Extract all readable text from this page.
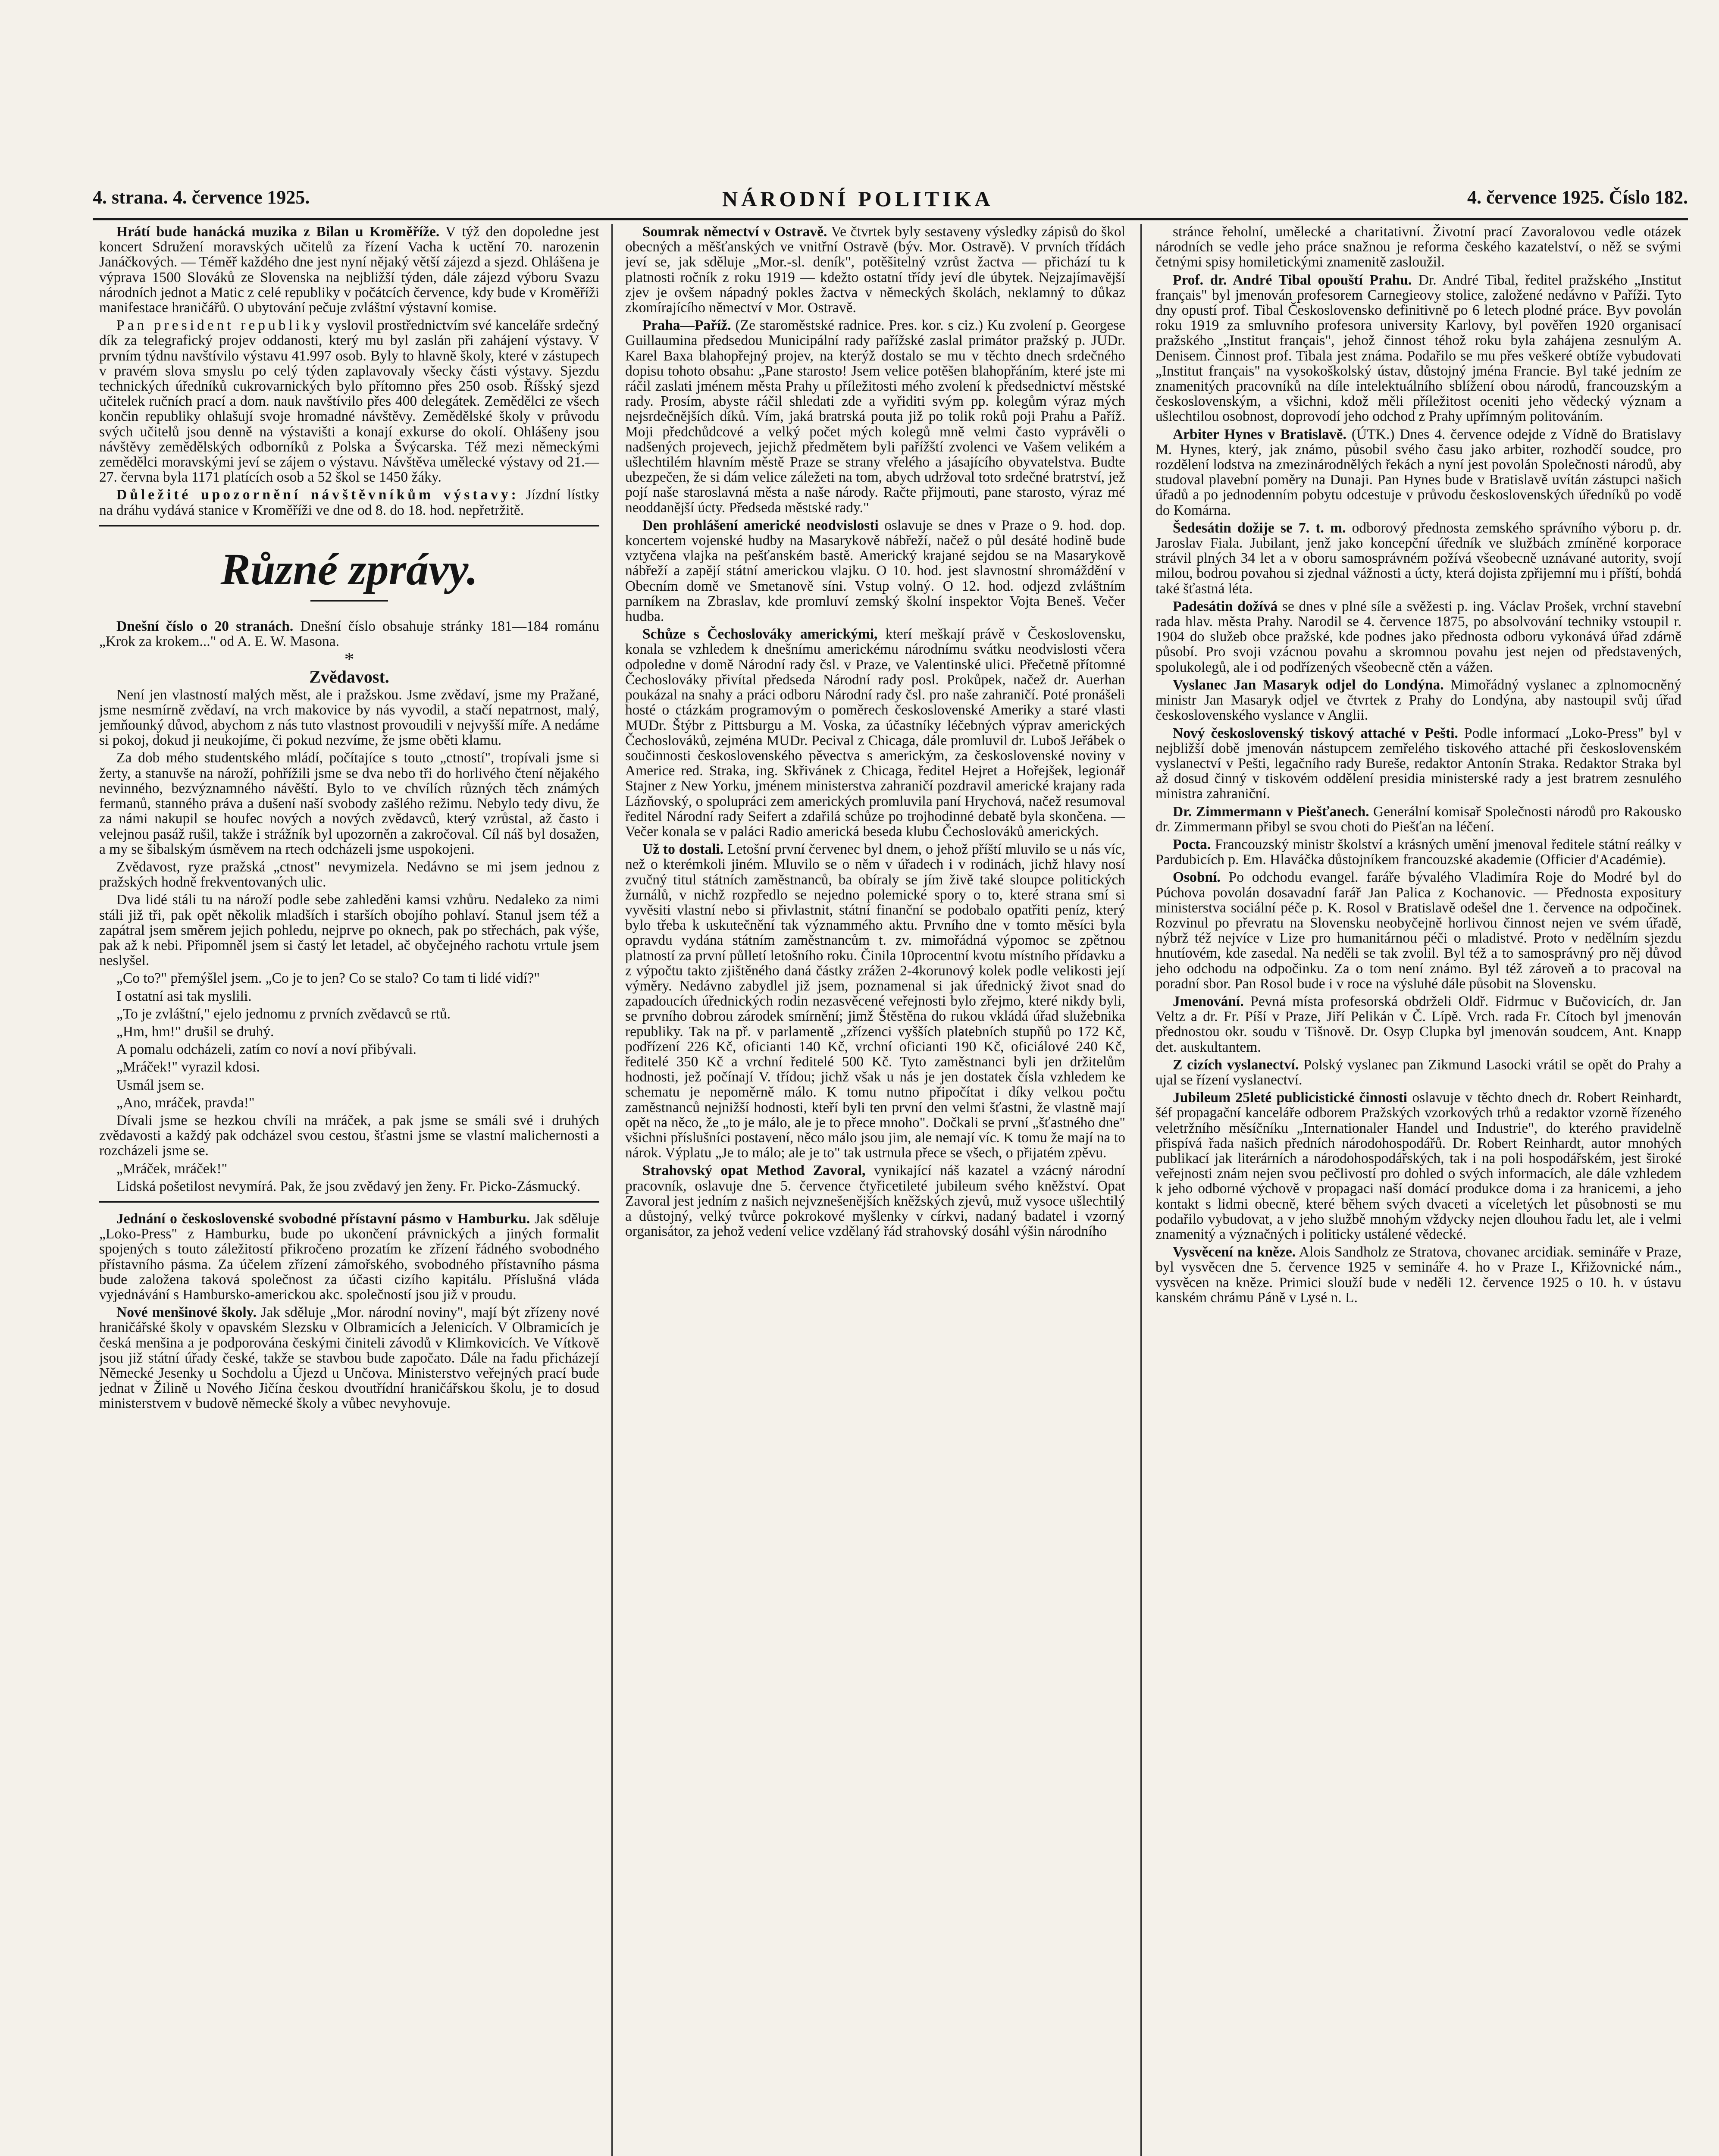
4. strana. 4. července 1925.	NÁRODNÍ POLITIKA	4. července 1925. Číslo 182.

Hrátí bude hanácká muzika z Bilan u Kroměříže. V týž den dopoledne jest koncert Sdružení moravských učitelů za řízení Vacha k uctění 70. narozenin Janáčkových. — Téměř každého dne jest nyní nějaký větší zájezd a sjezd. Ohlášena je výprava 1500 Slováků ze Slovenska na nejbližší týden, dále zájezd výboru Svazu národních jednot a Matic z celé republiky v počátcích července, kdy bude v Kroměříži manifestace hraničářů. O ubytování pečuje zvláštní výstavní komise.

Pan president republiky vyslovil prostřednictvím své kanceláře srdečný dík za telegrafický projev oddanosti, který mu byl zaslán při zahájení výstavy. V prvním týdnu navštívilo výstavu 41.997 osob. Byly to hlavně školy, které v zástupech v pravém slova smyslu po celý týden zaplavovaly všecky části výstavy. Sjezdu technických úředníků cukrovarnických bylo přítomno přes 250 osob. Říšský sjezd učitelek ručních prací a dom. nauk navštívilo přes 400 delegátek. Zemědělci ze všech končin republiky ohlašují svoje hromadné návštěvy. Zemědělské školy v průvodu svých učitelů jsou denně na výstavišti a konají exkurse do okolí. Ohlášeny jsou návštěvy zemědělských odborníků z Polska a Švýcarska. Též mezi německými zemědělci moravskými jeví se zájem o výstavu. Návštěva umělecké výstavy od 21.—27. června byla 1171 platících osob a 52 škol se 1450 žáky.

Důležité upozornění návštěvníkům výstavy: Jízdní lístky na dráhu vydává stanice v Kroměříži ve dne od 8. do 18. hod. nepřetržitě.

Různé zprávy.

Dnešní číslo o 20 stranách. Dnešní číslo obsahuje stránky 181—184 románu „Krok za krokem..." od A. E. W. Masona.

*
Zvědavost.

Není jen vlastností malých měst, ale i pražskou. Jsme zvědaví, jsme my Pražané, jsme nesmírně zvědaví, na vrch makovice by nás vyvodil, a stačí nepatrnost, malý, jemňounký důvod, abychom z nás tuto vlastnost provoudili v nejvyšší míře. A nedáme si pokoj, dokud ji neukojíme, či pokud nezvíme, že jsme oběti klamu.

Za dob mého studentského mládí, počítajíce s touto „ctností", tropívali jsme si žerty, a stanuvše na nároží, pohřížili jsme se dva nebo tři do horlivého čtení nějakého nevinného, bezvýznamného návěští. Bylo to ve chvílích různých těch známých fermanů, stanného práva a dušení naší svobody zašlého režimu. Nebylo tedy divu, že za námi nakupil se houfec nových a nových zvědavců, který vzrůstal, až často i velejnou pasáž rušil, takže i strážník byl upozorněn a zakročoval. Cíl náš byl dosažen, a my se šibalským úsměvem na rtech odcházeli jsme uspokojeni.

Zvědavost, ryze pražská „ctnost" nevymizela. Nedávno se mi jsem jednou z pražských hodně frekventovaných ulic.

Dva lidé stáli tu na nároží podle sebe zahleděni kamsi vzhůru. Nedaleko za nimi stáli již tři, pak opět několik mladších i starších obojího pohlaví. Stanul jsem též a zapátral jsem směrem jejich pohledu, nejprve po oknech, pak po střechách, pak výše, pak až k nebi. Připomněl jsem si častý let letadel, ač obyčejného rachotu vrtule jsem neslyšel.

„Co to?" přemýšlel jsem. „Co je to jen? Co se stalo? Co tam ti lidé vidí?"

I ostatní asi tak myslili.

„To je zvláštní," ejelo jednomu z prvních zvědavců se rtů.

„Hm, hm!" drušil se druhý.

A pomalu odcházeli, zatím co noví a noví přibývali.

„Mráček!" vyrazil kdosi.

Usmál jsem se.

„Ano, mráček, pravda!"

Dívali jsme se hezkou chvíli na mráček, a pak jsme se smáli své i druhých zvědavosti a každý pak odcházel svou cestou, šťastni jsme se vlastní malichernosti a rozcházeli jsme se.

„Mráček, mráček!"

Lidská pošetilost nevymírá. Pak, že jsou zvědavý jen ženy. Fr. Picko-Zásmucký.

Jednání o československé svobodné přístavní pásmo v Hamburku. Jak sděluje „Loko-Press" z Hamburku, bude po ukončení právnických a jiných formalit spojených s touto záležitostí přikročeno prozatím ke zřízení řádného svobodného přístavního pásma. Za účelem zřízení zámořského, svobodného přístavního pásma bude založena taková společnost za účasti cizího kapitálu. Příslušná vláda vyjednávání s Hambursko-americkou akc. společností jsou již v proudu.

Nové menšinové školy. Jak sděluje „Mor. národní noviny", mají být zřízeny nové hraničářské školy v opavském Slezsku v Olbramicích a Jelenicích. V Olbramicích je česká menšina a je podporována českými činiteli závodů v Klimkovicích. Ve Vítkově jsou již státní úřady české, takže se stavbou bude započato. Dále na řadu přicházejí Německé Jesenky u Sochdolu a Újezd u Unčova. Ministerstvo veřejných prací bude jednat v Žilině u Nového Jičína českou dvoutřídní hraničářskou školu, je to dosud ministerstvem v budově německé školy a vůbec nevyhovuje.

Soumrak němectví v Ostravě. Ve čtvrtek byly sestaveny výsledky zápisů do škol obecných a měšťanských ve vnitřní Ostravě (býv. Mor. Ostravě). V prvních třídách jeví se, jak sděluje „Mor.-sl. deník", potěšitelný vzrůst žactva — přichází tu k platnosti ročník z roku 1919 — kdežto ostatní třídy jeví dle úbytek. Nejzajímavější zjev je ovšem nápadný pokles žactva v německých školách, neklamný to důkaz zkomírajícího němectví v Mor. Ostravě.

Praha—Paříž. (Ze staroměstské radnice. Pres. kor. s ciz.) Ku zvolení p. Georgese Guillaumina předsedou Municipální rady pařížské zaslal primátor pražský p. JUDr. Karel Baxa blahopřejný projev, na kterýž dostalo se mu v těchto dnech srdečného dopisu tohoto obsahu: „Pane starosto! Jsem velice potěšen blahopřáním, které jste mi ráčil zaslati jménem města Prahy u příležitosti mého zvolení k předsednictví městské rady. Prosím, abyste ráčil shledati zde a vyřiditi svým pp. kolegům výraz mých nejsrdečnějších díků. Vím, jaká bratrská pouta již po tolik roků poji Prahu a Paříž. Moji předchůdcové a velký počet mých kolegů mně velmi často vyprávěli o nadšených projevech, jejichž předmětem byli pařížští zvolenci ve Vašem velikém a ušlechtilém hlavním městě Praze se strany vřelého a jásajícího obyvatelstva. Budte ubezpečen, že si dám velice záležeti na tom, abych udržoval toto srdečné bratrství, jež pojí naše staroslavná města a naše národy. Račte přijmouti, pane starosto, výraz mé neoddanější úcty. Předseda městské rady."

Den prohlášení americké neodvislosti oslavuje se dnes v Praze o 9. hod. dop. koncertem vojenské hudby na Masarykově nábřeží, načež o půl desáté hodině bude vztyčena vlajka na pešťanském bastě. Americký krajané sejdou se na Masarykově nábřeží a zapějí státní americkou vlajku. O 10. hod. jest slavnostní shromáždění v Obecním domě ve Smetanově síni. Vstup volný. O 12. hod. odjezd zvláštním parníkem na Zbraslav, kde promluví zemský školní inspektor Vojta Beneš. Večer hudba.

Schůze s Čechoslováky americkými, kterí meškají právě v Československu, konala se vzhledem k dnešnímu americkému národnímu svátku neodvislosti včera odpoledne v domě Národní rady čsl. v Praze, ve Valentinské ulici. Přečetně přítomné Čechoslováky přivítal předseda Národní rady posl. Prokůpek, načež dr. Auerhan poukázal na snahy a práci odboru Národní rady čsl. pro naše zahraničí. Poté pronášeli hosté o ctázkám programovým o poměrech československé Ameriky a staré vlasti MUDr. Štýbr z Pittsburgu a M. Voska, za účastníky léčebných výprav amerických Čechoslováků, zejména MUDr. Pecival z Chicaga, dále promluvil dr. Luboš Jeřábek o součinnosti československého pěvectva s americkým, za československé noviny v Americe red. Straka, ing. Skřivánek z Chicaga, ředitel Hejret a Hořejšek, legionář Stajner z New Yorku, jménem ministerstva zahraničí pozdravil americké krajany rada Lázňovský, o spolupráci zem amerických promluvila paní Hrychová, načež resumoval ředitel Národní rady Seifert a zdařilá schůze po trojhodinné debatě byla skončena. — Večer konala se v paláci Radio americká beseda klubu Čechoslováků amerických.

Už to dostali. Letošní první červenec byl dnem, o jehož příští mluvilo se u nás víc, než o kterémkoli jiném. Mluvilo se o něm v úřadech i v rodinách, jichž hlavy nosí zvučný titul státních zaměstnanců, ba obíraly se jím živě také sloupce politických žurnálů, v nichž rozpředlo se nejedno polemické spory o to, které strana smí si vyvěsiti vlastní nebo si přivlastnit, státní finanční se podobalo opatřiti peníz, který bylo třeba k uskutečnění tak význammého aktu. Prvního dne v tomto měsíci byla opravdu vydána státním zaměstnancům t. zv. mimořádná výpomoc se zpětnou platností za první půlletí letošního roku. Činila 10procentní kvotu místního přídavku a z výpočtu takto zjištěného daná částky zrážen 2-4korunový kolek podle velikosti její výměry. Nedávno zabydlel již jsem, poznamenal si jak úřednický život snad do zapadoucích úřednických rodin nezasvěcené veřejnosti bylo zřejmo, které nikdy byli, se prvního dobrou zárodek smírnění; jimž Štěstěna do rukou vkládá úřad služebnika republiky. Tak na př. v parlamentě „zřízenci vyšších platebních stupňů po 172 Kč, podřízení 226 Kč, oficianti 140 Kč, vrchní oficianti 190 Kč, oficiálové 240 Kč, ředitelé 350 Kč a vrchní ředitelé 500 Kč. Tyto zaměstnanci byli jen držitelům hodnosti, jež počínají V. třídou; jichž však u nás je jen dostatek čísla vzhledem ke schematu je nepoměrně málo. K tomu nutno připočítat i díky velkou počtu zaměstnanců nejnižší hodnosti, kteří byli ten první den velmi šťastni, že vlastně mají opět na něco, že „to je málo, ale je to přece mnoho". Dočkali se první „šťastného dne" všichni příslušníci postavení, něco málo jsou jim, ale nemají víc. K tomu že mají na to nárok. Výplatu „Je to málo; ale je to" tak ustrnula přece se všech, o přijatém zpěvu.

Strahovský opat Method Zavoral, vynikající náš kazatel a vzácný národní pracovník, oslavuje dne 5. července čtyřicetileté jubileum svého kněžství. Opat Zavoral jest jedním z našich nejvznešenějších kněžských zjevů, muž vysoce ušlechtilý a důstojný, velký tvůrce pokrokové myšlenky v církvi, nadaný badatel i vzorný organisátor, za jehož vedení velice vzdělaný řád strahovský dosáhl výšin národního

stránce řeholní, umělecké a charitativní. Životní prací Zavoralovou vedle otázek národních se vedle jeho práce snažnou je reforma českého kazatelství, o něž se svými četnými spisy homiletickými znamenitě zasloužil.

Prof. dr. André Tibal opouští Prahu. Dr. André Tibal, ředitel pražského „Institut français" byl jmenován profesorem Carnegieovy stolice, založené nedávno v Paříži. Tyto dny opustí prof. Tibal Československo definitivně po 6 letech plodné práce. Byv povolán roku 1919 za smluvního profesora university Karlovy, byl pověřen 1920 organisací pražského „Institut français", jehož činnost téhož roku byla zahájena zesnulým A. Denisem. Činnost prof. Tibala jest známa. Podařilo se mu přes veškeré obtíže vybudovati „Institut français" na vysokoškolský ústav, důstojný jména Francie. Byl také jedním ze znamenitých pracovníků na díle intelektuálního sblížení obou národů, francouzským a československým, a všichni, kdož měli příležitost oceniti jeho vědecký význam a ušlechtilou osobnost, doprovodí jeho odchod z Prahy upřímným politováním.

Arbiter Hynes v Bratislavě. (ÚTK.) Dnes 4. července odejde z Vídně do Bratislavy M. Hynes, který, jak známo, působil svého času jako arbiter, rozhodčí soudce, pro rozdělení lodstva na zmezinárodnělých řekách a nyní jest povolán Společnosti národů, aby studoval plavební poměry na Dunaji. Pan Hynes bude v Bratislavě uvítán zástupci našich úřadů a po jednodenním pobytu odcestuje v průvodu československých úředníků po vodě do Komárna.

Šedesátin dožije se 7. t. m. odborový přednosta zemského správního výboru p. dr. Jaroslav Fiala. Jubilant, jenž jako koncepční úředník ve službách zmíněné korporace strávil plných 34 let a v oboru samosprávném požívá všeobecně uznávané autority, svojí milou, bodrou povahou si zjednal vážnosti a úcty, která dojista zpřijemní mu i příští, bohdá také šťastná léta.

Padesátin dožívá se dnes v plné síle a svěžesti p. ing. Václav Prošek, vrchní stavební rada hlav. města Prahy. Narodil se 4. července 1875, po absolvování techniky vstoupil r. 1904 do služeb obce pražské, kde podnes jako přednosta odboru vykonává úřad zdárně působí. Pro svoji vzácnou povahu a skromnou povahu jest nejen od představených, spolukolegů, ale i od podřízených všeobecně ctěn a vážen.

Vyslanec Jan Masaryk odjel do Londýna. Mimořádný vyslanec a zplnomocněný ministr Jan Masaryk odjel ve čtvrtek z Prahy do Londýna, aby nastoupil svůj úřad československého vyslance v Anglii.

Nový československý tiskový attaché v Pešti. Podle informací „Loko-Press" byl v nejbližší době jmenován nástupcem zemřelého tiskového attaché při československém vyslanectví v Pešti, legačního rady Bureše, redaktor Antonín Straka. Redaktor Straka byl až dosud činný v tiskovém oddělení presidia ministerské rady a jest bratrem zesnulého ministra zahraniční.

Dr. Zimmermann v Piešťanech. Generální komisař Společnosti národů pro Rakousko dr. Zimmermann přibyl se svou choti do Piešťan na léčení.

Pocta. Francouzský ministr školství a krásných umění jmenoval ředitele státní reálky v Pardubicích p. Em. Hlaváčka důstojníkem francouzské akademie (Officier d'Académie).

Osobní. Po odchodu evangel. faráře bývalého Vladimíra Roje do Modré byl do Púchova povolán dosavadní farář Jan Palica z Kochanovic. — Přednosta expositury ministerstva sociální péče p. K. Rosol v Bratislavě odešel dne 1. července na odpočinek. Rozvinul po převratu na Slovensku neobyčejně horlivou činnost nejen ve svém úřadě, nýbrž též nejvíce v Lize pro humanitárnou péči o mladistvé. Proto v nedělním sjezdu hnutíovém, kde zasedal. Na neděli se tak zvolil. Byl též a to samosprávný pro něj důvod jeho odchodu na odpočinku. Za o tom není známo. Byl též zároveň a to pracoval na poradní sbor. Pan Rosol bude i v roce na výsluhé dále působit na Slovensku.

Jmenování. Pevná místa profesorská obdrželi Oldř. Fidrmuc v Bučovicích, dr. Jan Veltz a dr. Fr. Píší v Praze, Jiří Pelikán v Č. Lípě. Vrch. rada Fr. Cítoch byl jmenován přednostou okr. soudu v Tišnově. Dr. Osyp Clupka byl jmenován soudcem, Ant. Knapp det. auskultantem.

Z cizích vyslanectví. Polský vyslanec pan Zikmund Lasocki vrátil se opět do Prahy a ujal se řízení vyslanectví.

Jubileum 25leté publicistické činnosti oslavuje v těchto dnech dr. Robert Reinhardt, šéf propagační kanceláře odborem Pražských vzorkových trhů a redaktor vzorně řízeného veletržního měsíčníku „Internationaler Handel und Industrie", do kterého pravidelně přispívá řada našich předních národohospodářů. Dr. Robert Reinhardt, autor mnohých publikací jak literárních a národohospodářských, tak i na poli hospodářském, jest široké veřejnosti znám nejen svou pečlivostí pro dohled o svých informacích, ale dále vzhledem k jeho odborné výchově v propagaci naší domácí produkce doma i za hranicemi, a jeho kontakt s lidmi obecně, které během svých dvaceti a víceletých let působnosti se mu podařilo vybudovat, a v jeho službě mnohým vždycky nejen dlouhou řadu let, ale i velmi znamenitý a význačných i politicky ustálené vědecké.

Vysvěcení na kněze. Alois Sandholz ze Stratova, chovanec arcidiak. semináře v Praze, byl vysvěcen dne 5. července 1925 v semináře 4. ho v Praze I., Křižovnické nám., vysvěcen na kněze. Primici slouží bude v neděli 12. července 1925 o 10. h. v ústavu kanském chrámu Páně v Lysé n. L.
